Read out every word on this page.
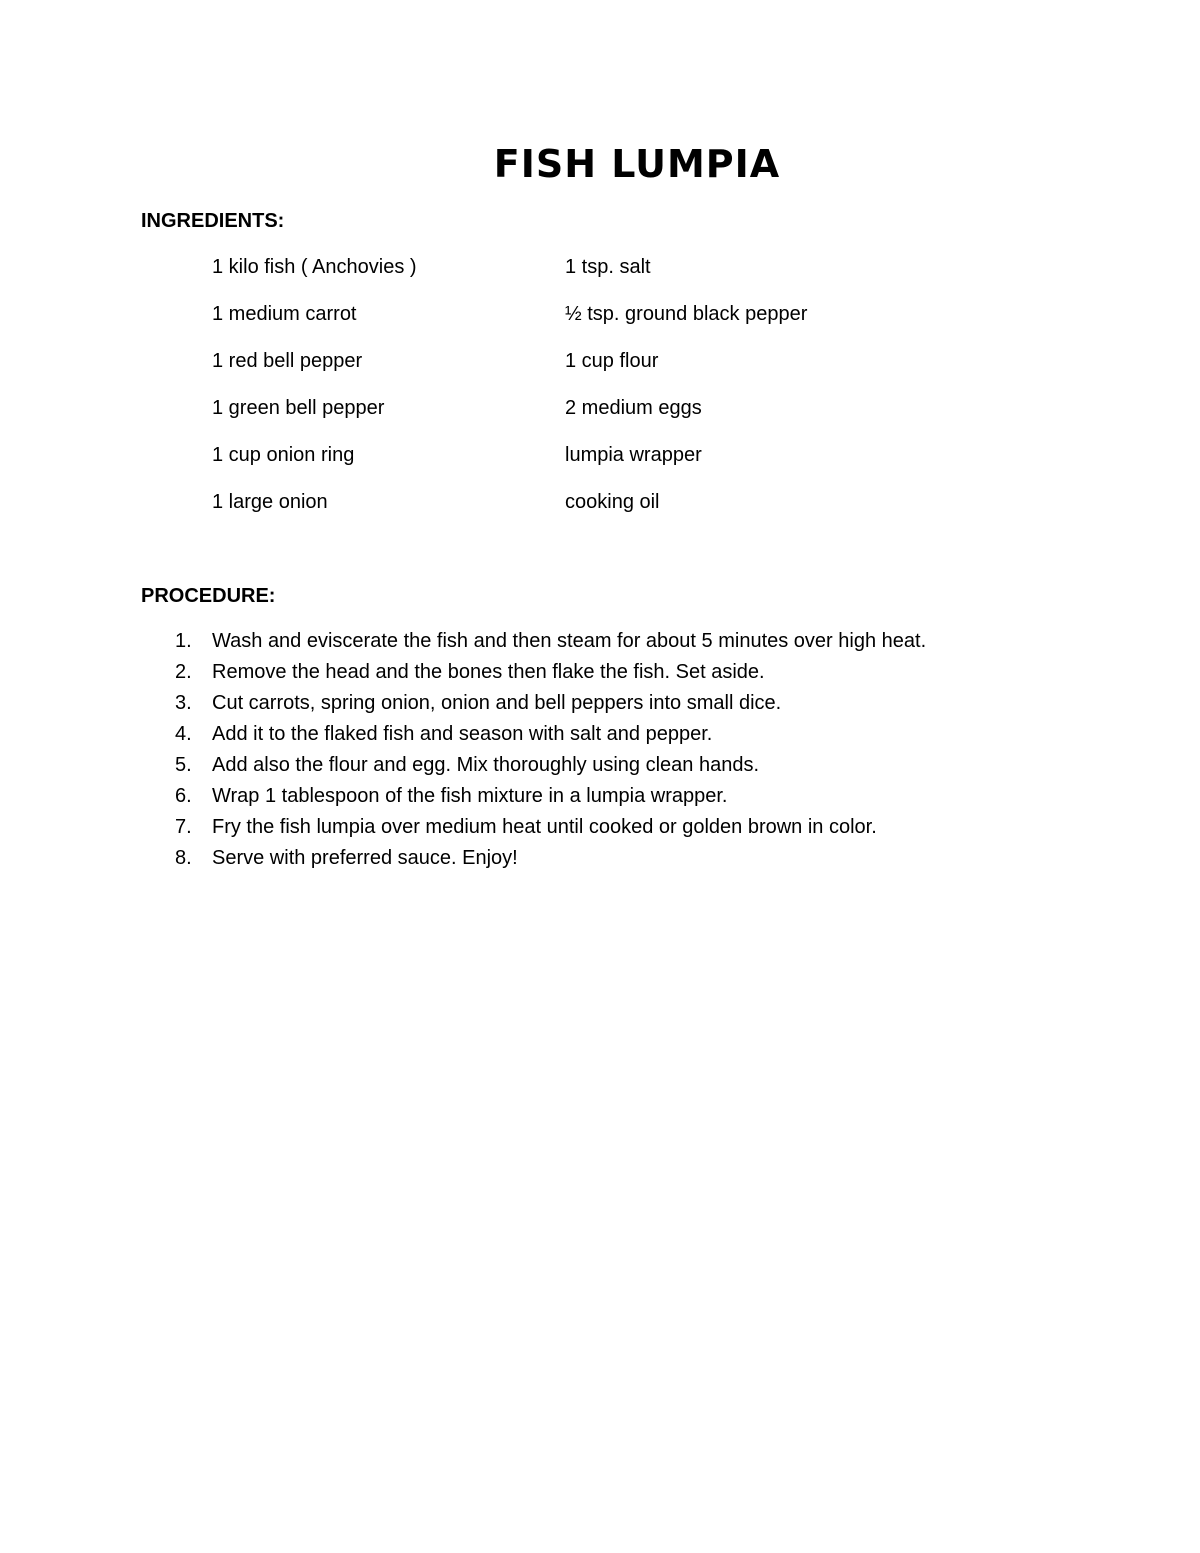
FISH LUMPIA
INGREDIENTS:
1 kilo fish ( Anchovies )
1 medium carrot
1 red bell pepper
1 green bell pepper
1 cup onion ring
1 large onion
1 tsp. salt
½ tsp. ground black pepper
1 cup flour
2 medium eggs
lumpia wrapper
cooking oil
PROCEDURE:
1. Wash and eviscerate the fish and then steam for about 5 minutes over high heat.
2. Remove the head and the bones then flake the fish. Set aside.
3. Cut carrots, spring onion, onion and bell peppers into small dice.
4. Add it to the flaked fish and season with salt and pepper.
5. Add also the flour and egg. Mix thoroughly using clean hands.
6. Wrap 1 tablespoon of the fish mixture in a lumpia wrapper.
7. Fry the fish lumpia over medium heat until cooked or golden brown in color.
8. Serve with preferred sauce. Enjoy!
